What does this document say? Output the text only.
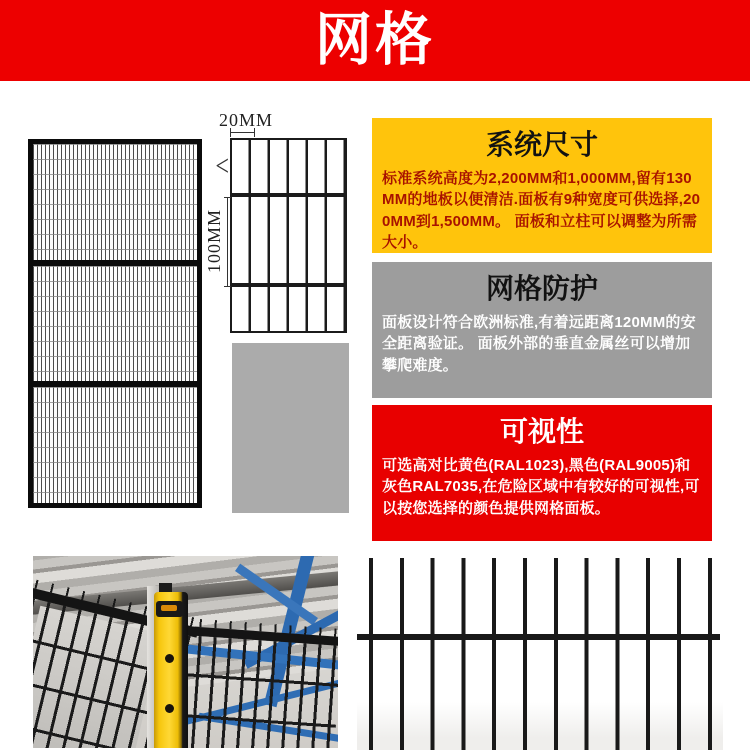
网格
20MM
<
100MM
系统尺寸
标准系统高度为2,200MM和1,000MM,留有130MM的地板以便清洁.面板有9种宽度可供选择,200MM到1,500MM。 面板和立柱可以调整为所需大小。
网格防护
面板设计符合欧洲标准,有着远距离120MM的安全距离验证。 面板外部的垂直金属丝可以增加攀爬难度。
可视性
可选高对比黄色(RAL1023),黑色(RAL9005)和灰色RAL7035,在危险区域中有较好的可视性,可以按您选择的颜色提供网格面板。
